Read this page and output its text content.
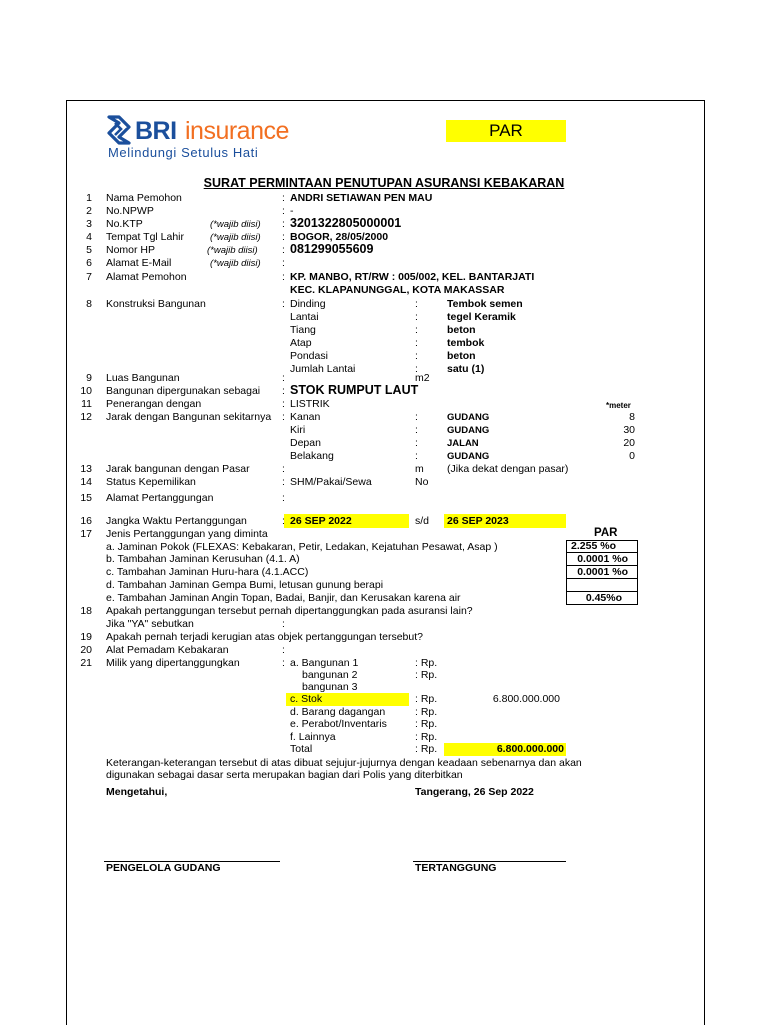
BRI insurance
Melindungi Setulus Hati
PAR
SURAT PERMINTAAN PENUTUPAN ASURANSI KEBAKARAN
1 Nama Pemohon	: ANDRI SETIAWAN PEN MAU
2 No.NPWP	: -
3 No.KTP	(*wajib diisi) : 3201322805000001
4 Tempat Tgl Lahir	(*wajib diisi) : BOGOR, 28/05/2000
5 Nomor HP	(*wajib diisi) : 081299055609
6 Alamat E-Mail	(*wajib diisi) :
7 Alamat Pemohon	: KP. MANBO, RT/RW : 005/002, KEL. BANTARJATI
KEC. KLAPANUNGGAL, KOTA MAKASSAR
8 Konstruksi Bangunan	: Dinding	:	Tembok semen
Lantai	:	tegel Keramik
Tiang	:	beton
Atap	:	tembok
Pondasi	:	beton
Jumlah Lantai	:	satu (1)
9 Luas Bangunan	:	m2
10 Bangunan dipergunakan sebagai : STOK RUMPUT LAUT
11 Penerangan dengan	: LISTRIK	*meter
12 Jarak dengan Bangunan sekitarnya : Kanan	:	GUDANG	8
Kiri	:	GUDANG	30
Depan	:	JALAN	20
Belakang	:	GUDANG	0
13 Jarak bangunan dengan Pasar	:	m (Jika dekat dengan pasar)
14 Status Kepemilikan	: SHM/Pakai/Sewa	No
15 Alamat Pertanggungan	:
16 Jangka Waktu Pertanggungan	: 26 SEP 2022	s/d 26 SEP 2023
17 Jenis Pertanggungan yang diminta	PAR
a. Jaminan Pokok (FLEXAS: Kebakaran, Petir, Ledakan, Kejatuhan Pesawat, Asap )	2.255 %o
b. Tambahan Jaminan Kerusuhan (4.1. A)	0.0001 %o
c. Tambahan Jaminan Huru-hara (4.1.ACC)	0.0001 %o
d. Tambahan Jaminan Gempa Bumi, letusan gunung berapi
e. Tambahan Jaminan Angin Topan, Badai, Banjir, dan Kerusakan karena air	0.45%o
18 Apakah pertanggungan tersebut pernah dipertanggungkan pada asuransi lain?
Jika "YA" sebutkan	:
19 Apakah pernah terjadi kerugian atas objek pertanggungan tersebut?
20 Alat Pemadam Kebakaran	:
21 Milik yang dipertanggungkan	: a. Bangunan 1	: Rp.
bangunan 2	: Rp.
bangunan 3
c. Stok	: Rp.	6.800.000.000
d. Barang dagangan	: Rp.
e. Perabot/Inventaris	: Rp.
f. Lainnya	: Rp.
Total	: Rp.	6.800.000.000
Keterangan-keterangan tersebut di atas dibuat sejujur-jujurnya dengan keadaan sebenarnya dan akan
digunakan sebagai dasar serta merupakan bagian dari Polis yang diterbitkan
Mengetahui,	Tangerang, 26 Sep 2022
PENGELOLA GUDANG	TERTANGGUNG
